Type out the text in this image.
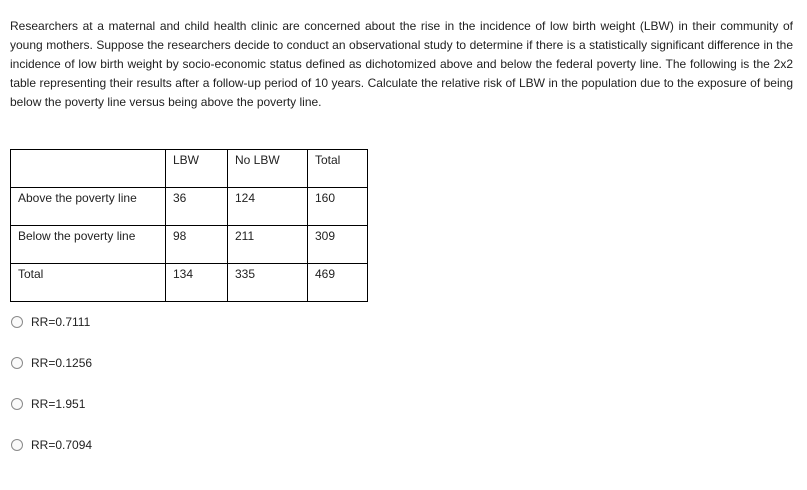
Researchers at a maternal and child health clinic are concerned about the rise in the incidence of low birth weight (LBW) in their community of young mothers. Suppose the researchers decide to conduct an observational study to determine if there is a statistically significant difference in the incidence of low birth weight by socio-economic status defined as dichotomized above and below the federal poverty line. The following is the 2x2 table representing their results after a follow-up period of 10 years. Calculate the relative risk of LBW in the population due to the exposure of being below the poverty line versus being above the poverty line.

	LBW	No LBW	Total
Above the poverty line	36	124	160
Below the poverty line	98	211	309
Total	134	335	469
RR=0.7111
RR=0.1256
RR=1.951
RR=0.7094
